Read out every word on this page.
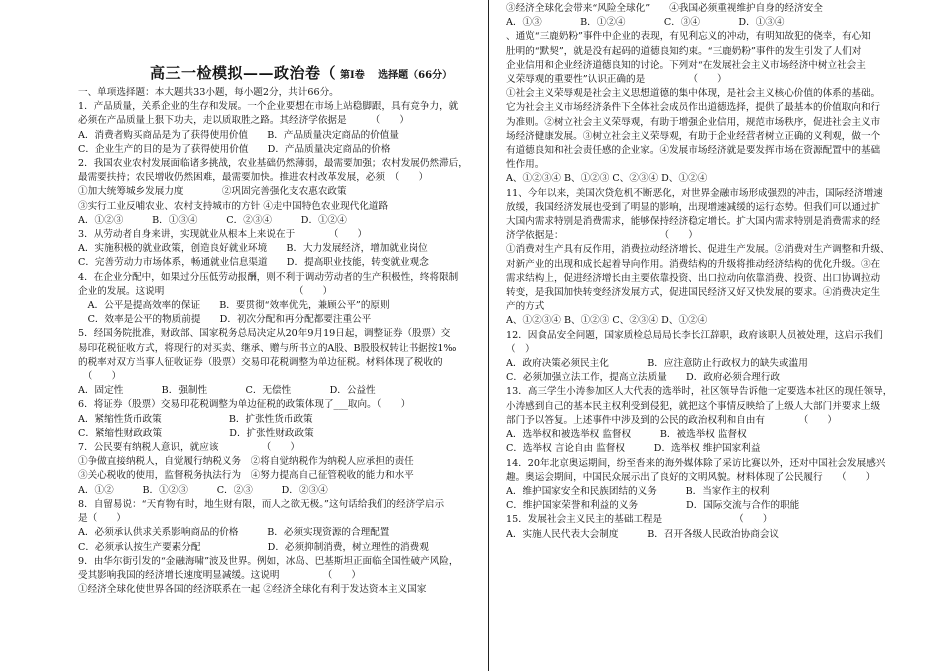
高三一检模拟——政治卷（ 第Ⅰ卷　 选择题（66分）
一、单项选择题：本大题共33小题，每小题2分，共计66分。
1．产品质量，关系企业的生存和发展。一个企业要想在市场上站稳脚跟，具有竞争力，就
必须在产品质量上狠下功夫，走以质取胜之路。其经济学依据是　　　（　　）
A．消费者购买商品是为了获得使用价值　　B．产品质量决定商品的价值量
C．企业生产的目的是为了获得使用价值　　D．产品质量决定商品的价格
2．我国农业农村发展面临诸多挑战，农业基础仍然薄弱，最需要加强；农村发展仍然滞后，
最需要扶持；农民增收仍然困难，最需要加快。推进农村改革发展，必须　（　　）
①加大统筹城乡发展力度　　　　②巩固完善强化支农惠农政策
③实行工业反哺农业、农村支持城市的方针 ④走中国特色农业现代化道路
A．①②③　　　B．①③④　　　C．②③④　　　D．①②④
3．从劳动者自身来讲，实现就业从根本上来说在于　　　　（　　）
A．实施积极的就业政策，创造良好就业环境　　B．大力发展经济，增加就业岗位
C．完善劳动力市场体系，畅通就业信息渠道　　D．提高职业技能，转变就业观念
4．在企业分配中，如果过分压低劳动报酬，则不利于调动劳动者的生产积极性，终将限制
企业的发展。这说明　　　　　　　　　　　　　　（　　）
　A．公平是提高效率的保证　　B．要贯彻“效率优先，兼顾公平”的原则
　C．效率是公平的物质前提　　D．初次分配和再分配都要注重公平
5．经国务院批准，财政部、国家税务总局决定从20年9月19日起，调整证券（股票）交
易印花税征收方式，将现行的对买卖、继承、赠与所书立的A股、B股股权转让书据按1‰
的税率对双方当事人征收证券（股票）交易印花税调整为单边征税。材料体现了税收的
　（　　）
A．固定性　　　　B．强制性　　　　C．无偿性　　　　D．公益性
6．将证券（股票）交易印花税调整为单边征税的政策体现了___取向。（　　）
A．紧缩性货币政策　　　　　　　B．扩张性货币政策
C．紧缩性财政政策　　　　　　　D．扩张性财政政策
7．公民要有纳税人意识，就应该　　　　　（　　）
①争做直接纳税人，自觉履行纳税义务　②将自觉纳税作为纳税人应承担的责任
③关心税收的使用，监督税务执法行为　④努力提高自己征管税收的能力和水平
A．①②　　　B．①②③　　　C．②③　　　D．②③④
8．自留易说：“天育物有时，地生财有限，而人之欲无极。”这句话给我们的经济学启示
是（　　）
A．必须承认供求关系影响商品的价格　　　B．必须实现资源的合理配置
C．必须承认按生产要素分配　　　　　　　D．必须抑制消费，树立理性的消费观
9．由华尔街引发的“金融海啸”波及世界。例如，冰岛、巴基斯坦正面临全国性破产风险，
受其影响我国的经济增长速度明显减缓。这说明　　　　　（　　）
①经济全球化使世界各国的经济联系在一起 ②经济全球化有利于发达资本主义国家
③经济全球化会带来“风险全球化”　　④我国必须重视维护自身的经济安全
A．①③　　　　B．①②④　　　　C．③④　　　　D．①③④
、通览“三鹿奶粉”事件中企业的表现，有见利忘义的冲动，有明知故犯的侥幸，有心知
肚明的“默契”，就是没有起码的道德良知约束。“三鹿奶粉”事件的发生引发了人们对
企业信用和企业经济道德良知的讨论。下列对“在发展社会主义市场经济中树立社会主
义荣辱观的重要性”认识正确的是　　　　　（　　）
①社会主义荣辱观是社会主义思想道德的集中体现，是社会主义核心价值的体系的基础。
它为社会主义市场经济条件下全体社会成员作出道德选择，提供了最基本的价值取向和行
为准则。②树立社会主义荣辱观，有助于增强企业信用，规范市场秩序，促进社会主义市
场经济健康发展。③树立社会主义荣辱观，有助于企业经营者树立正确的义利观，做一个
有道德良知和社会责任感的企业家。④发展市场经济就是要发挥市场在资源配置中的基础
性作用。
A、①②③④ B、①②③ C、②③④ D、①②④
11、今年以来，美国次贷危机不断恶化，对世界金融市场形成强烈的冲击，国际经济增速
放缓，我国经济发展也受到了明显的影响，出现增速减缓的运行态势。但我们可以通过扩
大国内需求特别是消费需求，能够保持经济稳定增长。扩大国内需求特别是消费需求的经
济学依据是：　　　　　　　　　　　（　　）
①消费对生产具有反作用，消费拉动经济增长、促进生产发展。②消费对生产调整和升级、
对新产业的出现和成长起着导向作用。消费结构的升级将推动经济结构的优化升级。③在
需求结构上，促进经济增长由主要依靠投资、出口拉动向依靠消费、投资、出口协调拉动
转变，是我国加快转变经济发展方式，促进国民经济又好又快发展的要求。④消费决定生
产的方式
A、①②③④ B、①②③ C、②③④ D、①②④
12．因食品安全问题，国家质检总局局长李长江辞职，政府该职人员被处理，这启示我们
（　）
A．政府决策必须民主化　　　　B．应注意防止行政权力的缺失或滥用
C．必须加强立法工作，提高立法质量　　D．政府必须合理行政
13．高三学生小涛参加区人大代表的选举时，社区领导告诉他一定要选本社区的现任领导，
小涛感到自己的基本民主权利受到侵犯，就把这个事情反映给了上级人大部门并要求上级
部门予以答复。上述事件中涉及到的公民的政治权利和自由有　　　　（　　）
A．选举权和被选举权 监督权　　　B．被选举权 监督权
C．选举权 言论自由 监督权　　　D．选举权 维护国家利益
14．20年北京奥运期间，纷至沓来的海外媒体除了采访比赛以外，还对中国社会发展感兴
趣。奥运会期间，中国民众展示出了良好的文明风貌。材料体现了公民履行　　（　　）
A．维护国家安全和民族团结的义务　　　B．当家作主的权利
C．维护国家荣誉和利益的义务　　　　　D．国际交流与合作的职能
15．发展社会主义民主的基础工程是　　　　　　　　（　　）
A．实施人民代表大会制度　　　B．召开各级人民政治协商会议
